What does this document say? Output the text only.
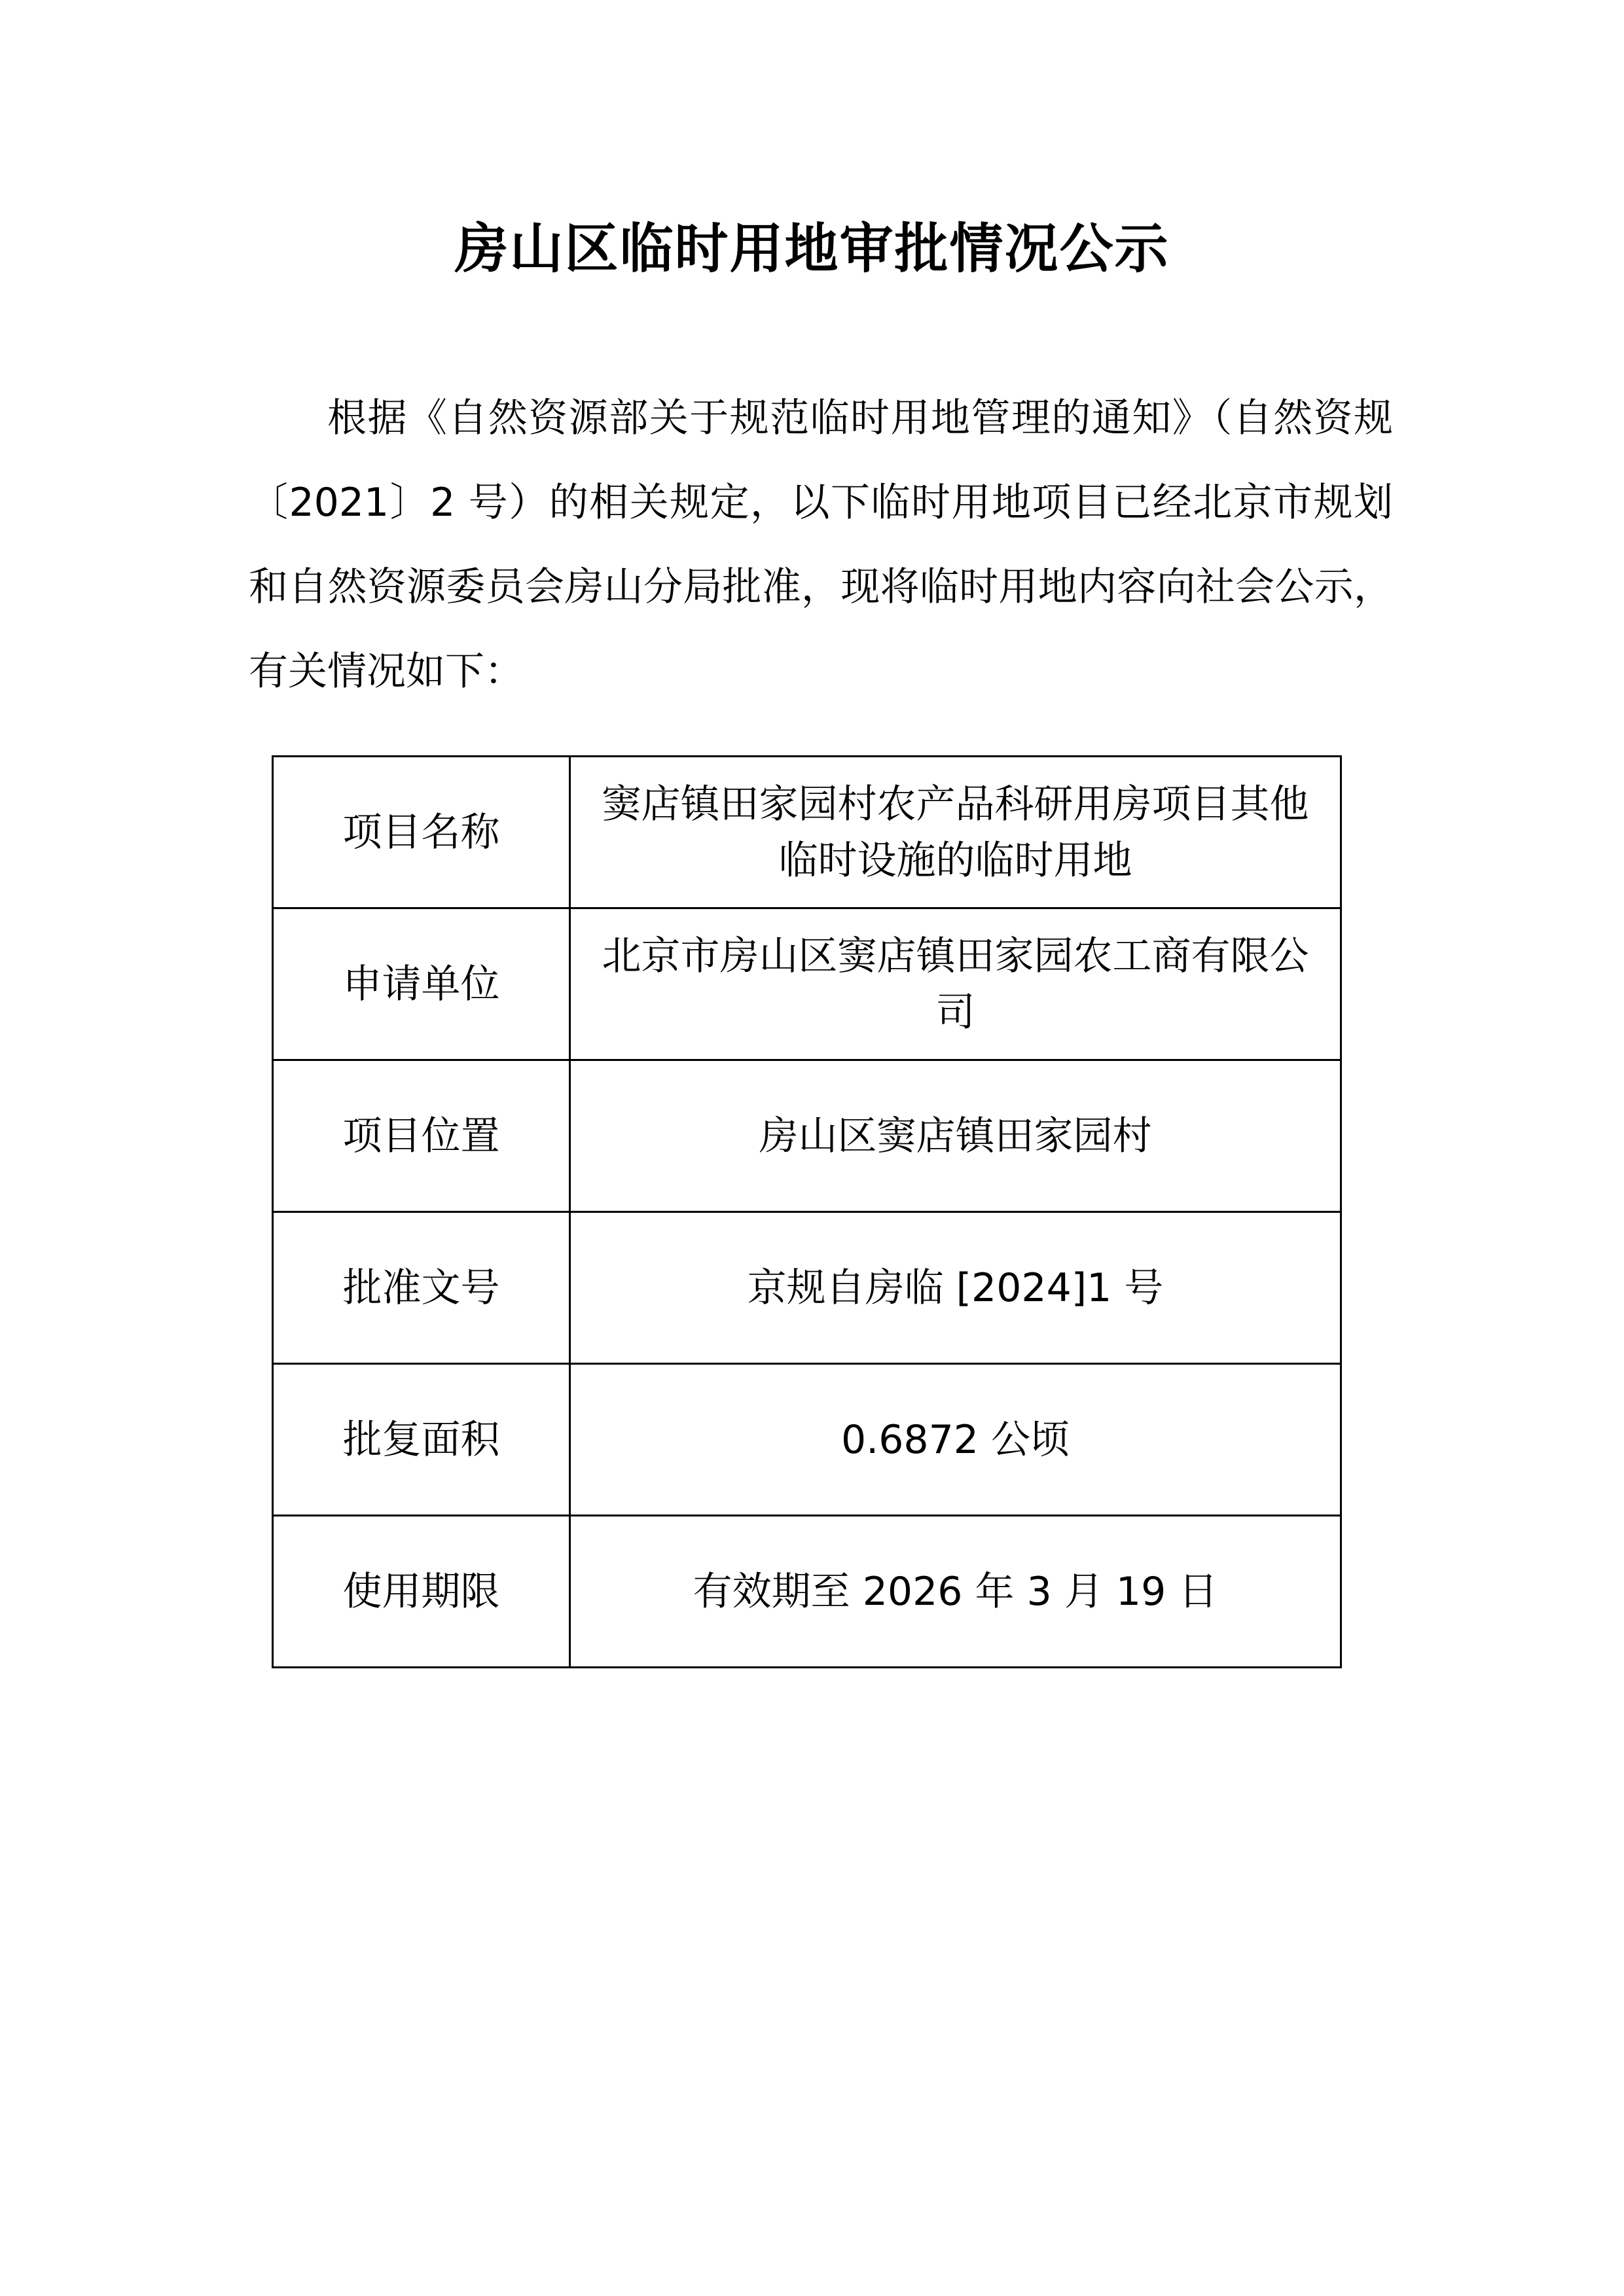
房山区临时用地审批情况公示

根据《自然资源部关于规范临时用地管理的通知》（自然资规〔2021〕2 号）的相关规定，以下临时用地项目已经北京市规划和自然资源委员会房山分局批准，现将临时用地内容向社会公示，有关情况如下：

项目名称	窦店镇田家园村农产品科研用房项目其他临时设施的临时用地
申请单位	北京市房山区窦店镇田家园农工商有限公司
项目位置	房山区窦店镇田家园村
批准文号	京规自房临 [2024]1 号
批复面积	0.6872 公顷
使用期限	有效期至 2026 年 3 月 19 日
